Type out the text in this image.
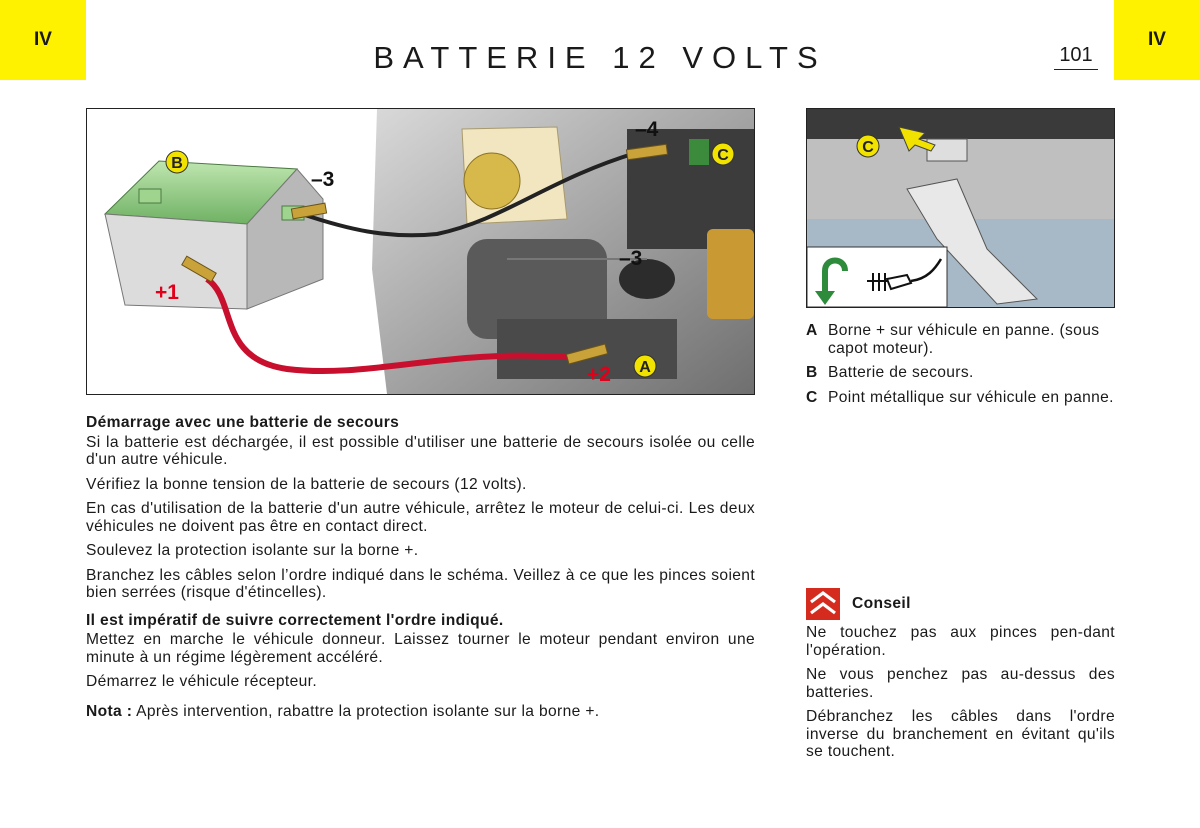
IV	IV
BATTERIE 12 VOLTS	101
B	C
A
+1
+2
–3
–3
–4
C
A Borne + sur véhicule en panne. (sous capot moteur).
B Batterie de secours.
C Point métallique sur véhicule en panne.

Démarrage avec une batterie de secours

Si la batterie est déchargée, il est possible d'utiliser une batterie de secours isolée ou celle d'un autre véhicule.

Vérifiez la bonne tension de la batterie de secours (12 volts).

En cas d'utilisation de la batterie d'un autre véhicule, arrêtez le moteur de celui-ci. Les deux véhicules ne doivent pas être en contact direct.

Soulevez la protection isolante sur la borne +.

Branchez les câbles selon l’ordre indiqué dans le schéma. Veillez à ce que les pinces soient bien serrées (risque d'étincelles).

Il est impératif de suivre correctement l'ordre indiqué.

Mettez en marche le véhicule donneur. Laissez tourner le moteur pendant environ une minute à un régime légèrement accéléré.

Démarrez le véhicule récepteur.

Nota : Après intervention, rabattre la protection isolante sur la borne +.

Conseil

Ne touchez pas aux pinces pen-dant l'opération.

Ne vous penchez pas au-dessus des batteries.

Débranchez les câbles dans l'ordre inverse du branchement en évitant qu'ils se touchent.
